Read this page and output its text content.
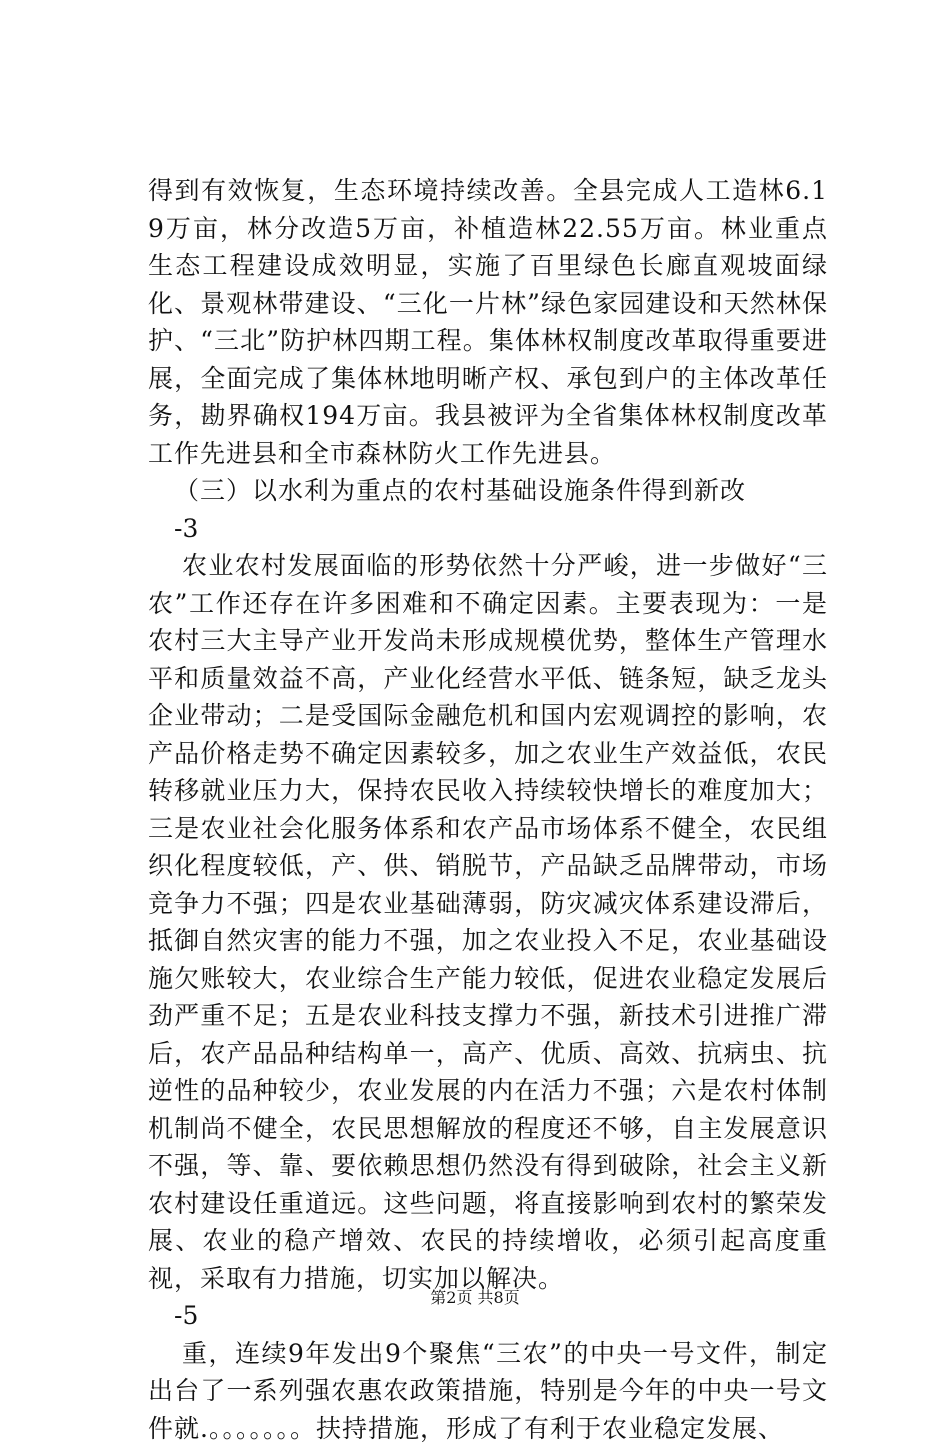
得到有效恢复，生态环境持续改善。全县完成人工造林6.19万亩，林分改造5万亩，补植造林22.55万亩。林业重点生态工程建设成效明显，实施了百里绿色长廊直观坡面绿化、景观林带建设、“三化一片林”绿色家园建设和天然林保护、“三北”防护林四期工程。集体林权制度改革取得重要进展，全面完成了集体林地明晰产权、承包到户的主体改革任务，勘界确权194万亩。我县被评为全省集体林权制度改革工作先进县和全市森林防火工作先进县。

（三）以水利为重点的农村基础设施条件得到新改

-3

农业农村发展面临的形势依然十分严峻，进一步做好“三农”工作还存在许多困难和不确定因素。主要表现为：一是农村三大主导产业开发尚未形成规模优势，整体生产管理水平和质量效益不高，产业化经营水平低、链条短，缺乏龙头企业带动；二是受国际金融危机和国内宏观调控的影响，农产品价格走势不确定因素较多，加之农业生产效益低，农民转移就业压力大，保持农民收入持续较快增长的难度加大；三是农业社会化服务体系和农产品市场体系不健全，农民组织化程度较低，产、供、销脱节，产品缺乏品牌带动，市场竞争力不强；四是农业基础薄弱，防灾减灾体系建设滞后，抵御自然灾害的能力不强，加之农业投入不足，农业基础设施欠账较大，农业综合生产能力较低，促进农业稳定发展后劲严重不足；五是农业科技支撑力不强，新技术引进推广滞后，农产品品种结构单一，高产、优质、高效、抗病虫、抗逆性的品种较少，农业发展的内在活力不强；六是农村体制机制尚不健全，农民思想解放的程度还不够，自主发展意识不强，等、靠、要依赖思想仍然没有得到破除，社会主义新农村建设任重道远。这些问题，将直接影响到农村的繁荣发展、农业的稳产增效、农民的持续增收，必须引起高度重视，采取有力措施，切实加以解决。

-5

重，连续9年发出9个聚焦“三农”的中央一号文件，制定出台了一系列强农惠农政策措施，特别是今年的中央一号文件就.。。。。。。。扶持措施，形成了有利于农业稳定发展、

第2页 共8页
